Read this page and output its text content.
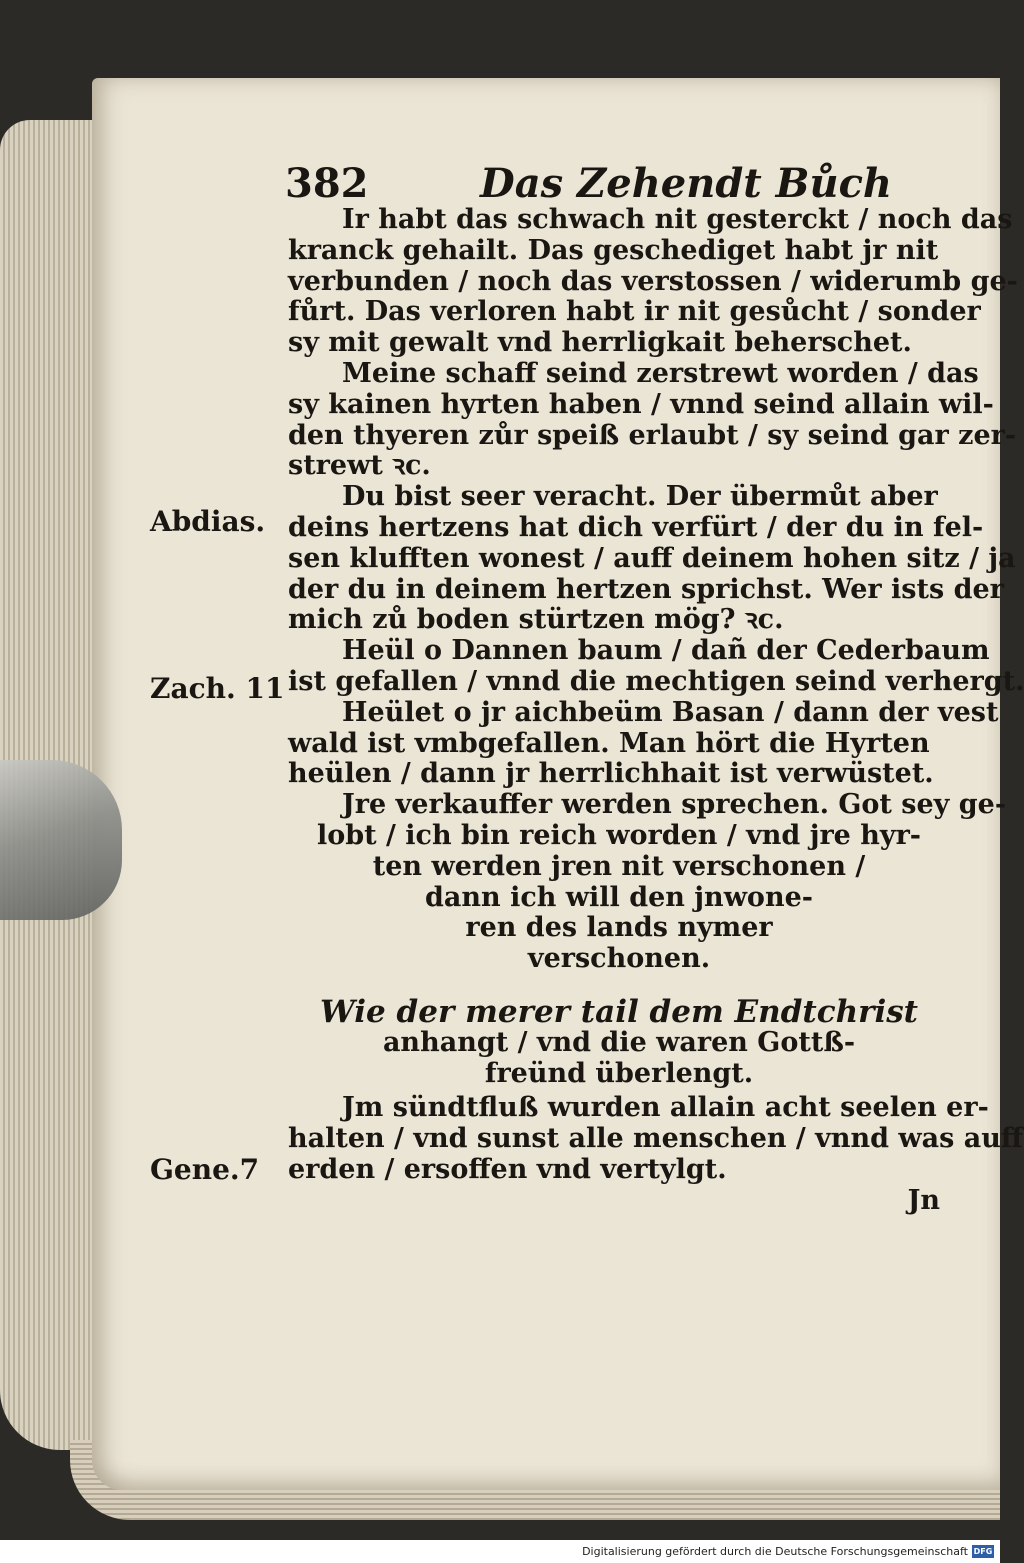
382	Das Zehendt Bůch
Abdias.
Zach. 11
Gene.7
Ir habt das schwach nit gesterckt / noch das
kranck gehailt. Das geschediget habt jr nit
verbunden / noch das verstossen / widerumb ge-
fůrt. Das verloren habt ir nit gesůcht / sonder
sy mit gewalt vnd herrligkait beherschet.
Meine schaff seind zerstrewt worden / das
sy kainen hyrten haben / vnnd seind allain wil-
den thyeren zůr speiß erlaubt / sy seind gar zer-
strewt ꝛc.
Du bist seer veracht. Der übermůt aber
deins hertzens hat dich verfürt / der du in fel-
sen klufften wonest / auff deinem hohen sitz / ja
der du in deinem hertzen sprichst. Wer ists der
mich zů boden stürtzen mög? ꝛc.
Heül o Dannen baum / dañ der Cederbaum
ist gefallen / vnnd die mechtigen seind verhergt.
Heület o jr aichbeüm Basan / dann der vest
wald ist vmbgefallen. Man hört die Hyrten
heülen / dann jr herrlichhait ist verwüstet.
Jre verkauffer werden sprechen. Got sey ge-
lobt / ich bin reich worden / vnd jre hyr-
ten werden jren nit verschonen /
dann ich will den jnwone-
ren des lands nymer
verschonen.
Wie der merer tail dem Endtchrist
anhangt / vnd die waren Gottß-
freünd überlengt.
Jm sündtfluß wurden allain acht seelen er-
halten / vnd sunst alle menschen / vnnd was auff
erden / ersoffen vnd vertylgt.
Jn
Digitalisierung gefördert durch die Deutsche Forschungsgemeinschaft DFG
